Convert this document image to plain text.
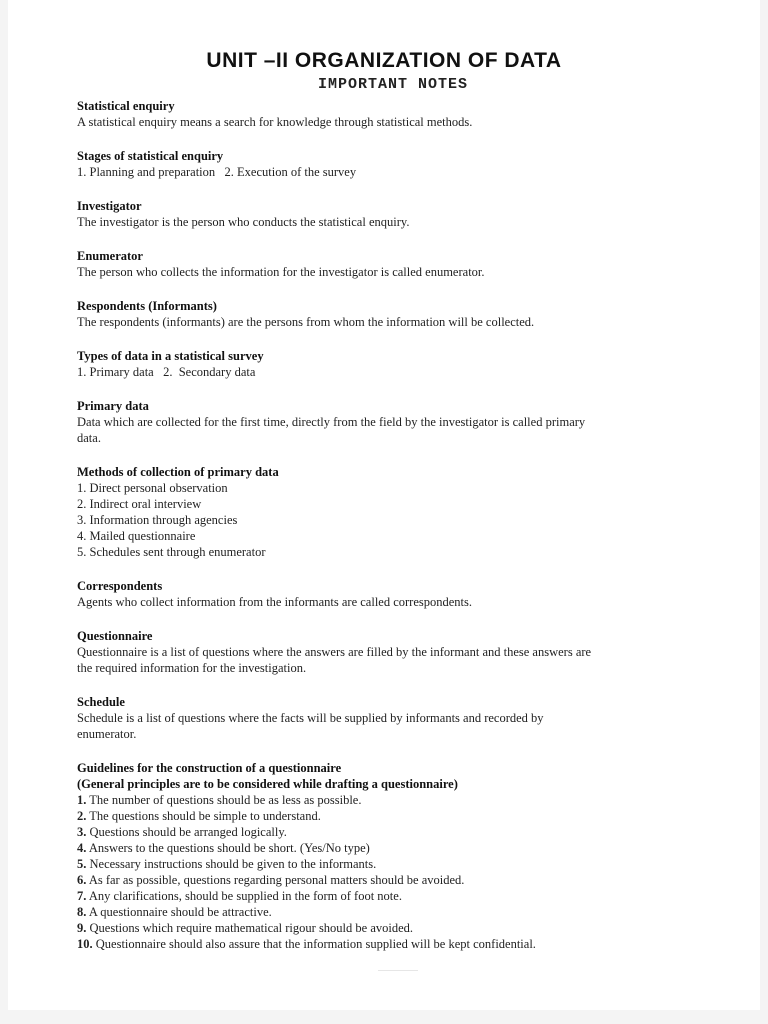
UNIT –II ORGANIZATION OF DATA
IMPORTANT NOTES
Statistical enquiry
A statistical enquiry means a search for knowledge through statistical methods.
Stages of statistical enquiry
1. Planning and preparation   2. Execution of the survey
Investigator
The investigator is the person who conducts the statistical enquiry.
Enumerator
The person who collects the information for the investigator is called enumerator.
Respondents (Informants)
The respondents (informants) are the persons from whom the information will be collected.
Types of data in a statistical survey
1. Primary data   2.  Secondary data
Primary data
Data which are collected for the first time, directly from the field by the investigator is called primary
data.
Methods of collection of primary data
1. Direct personal observation
2. Indirect oral interview
3. Information through agencies
4. Mailed questionnaire
5. Schedules sent through enumerator
Correspondents
Agents who collect information from the informants are called correspondents.
Questionnaire
Questionnaire is a list of questions where the answers are filled by the informant and these answers are
the required information for the investigation.
Schedule
Schedule is a list of questions where the facts will be supplied by informants and recorded by
enumerator.
Guidelines for the construction of a questionnaire
(General principles are to be considered while drafting a questionnaire)
1. The number of questions should be as less as possible.
2. The questions should be simple to understand.
3. Questions should be arranged logically.
4. Answers to the questions should be short. (Yes/No type)
5. Necessary instructions should be given to the informants.
6. As far as possible, questions regarding personal matters should be avoided.
7. Any clarifications, should be supplied in the form of foot note.
8. A questionnaire should be attractive.
9. Questions which require mathematical rigour should be avoided.
10. Questionnaire should also assure that the information supplied will be kept confidential.
